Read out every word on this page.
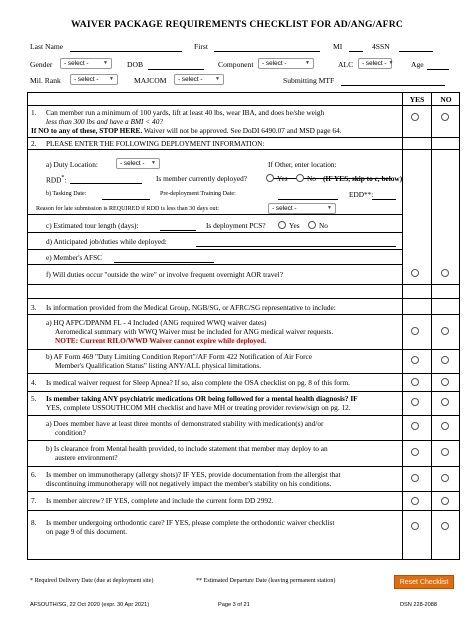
WAIVER PACKAGE REQUIREMENTS CHECKLIST FOR AD/ANG/AFRC
Last Name	First	MI	4SSN
Gender - select -	▼	DOB	Component - select -	▼	ALC - select - ▼ Age
Mil. Rank - select - ▼	MAJCOM - select -	▼	Submitting MTF
YES	NO
1. Can member run a minimum of 100 yards, lift at least 40 lbs, wear IBA, and does he/she weigh
less than 300 lbs and have a BMI < 40?
If NO to any of these, STOP HERE. Waiver will not be approved. See DoDI 6490.07 and MSD page 64.
2. PLEASE ENTER THE FOLLOWING DEPLOYMENT INFORMATION:
a) Duty Location:	- select - ▼	If Other, enter location:
RDD*:	Is member currently deployed?	Yes	No (IF YES, skip to c, below)
b) Tasking Date:	Pre-deployment Training Date:	EDD**:
Reason for late submission is REQUIRED if RDD is less than 30 days out:	- select -	▼
c) Estimated tour length (days):	Is deployment PCS?	Yes	No
d) Anticipated job/duties while deployed:
e) Member's AFSC
f) Will duties occur "outside the wire" or involve frequent overnight AOR travel?
3. Is information provided from the Medical Group, NGB/SG, or AFRC/SG representative to include:
a) HQ AFPC/DPANM FL - 4 Included (ANG required WWQ waiver dates)
Aeromedical summary with WWQ Waiver must be included for ANG medical waiver requests.
NOTE: Current RILO/WWD Waiver cannot expire while deployed.
b) AF Form 469 "Duty Limiting Condition Report"/AF Form 422 Notification of Air Force
Member's Qualification Status" listing ANY/ALL physical limitations.
4. Is medical waiver request for Sleep Apnea? If so, also complete the OSA checklist on pg. 8 of this form.
5. Is member taking ANY psychiatric medications OR being followed for a mental health diagnosis? IF
YES, complete USSOUTHCOM MH checklist and have MH or treating provider review/sign on pg. 12.
a) Does member have at least three months of demonstrated stability with medication(s) and/or
condition?
b) Is clearance from Mental health provided, to include statement that member may deploy to an
austere environment?
6. Is member on immunotherapy (allergy shots)? IF YES, provide documentation from the allergist that
discontinuing immunotherapy will not negatively impact the member's stability on his conditions.
7. Is member aircrew? IF YES, complete and include the current form DD 2992.
8. Is member undergoing orthodontic care? IF YES, please complete the orthodontic waiver checklist
on page 9 of this document.
* Required Delivery Date (due at deployment site)	** Estimated Departure Date (leaving permanent station)	Reset Checklist
AFSOUTH/SG, 22 Oct 2020 (expr. 30 Apr 2021)	Page 3 of 21	DSN 228-2088
